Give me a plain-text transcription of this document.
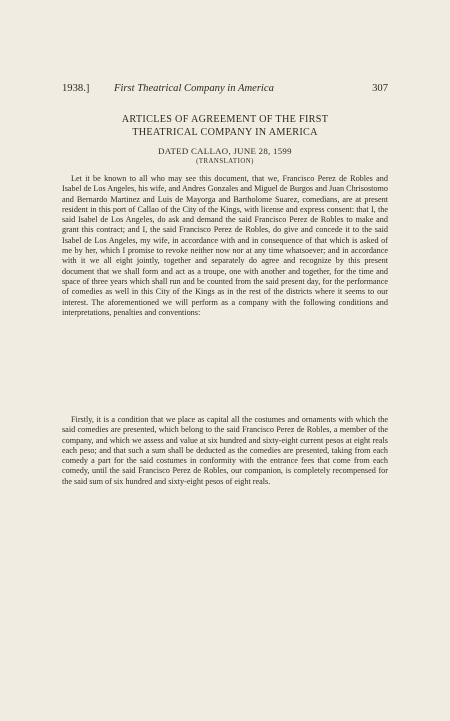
1938.] First Theatrical Company in America	307
ARTICLES OF AGREEMENT OF THE FIRST
THEATRICAL COMPANY IN AMERICA
DATED CALLAO, JUNE 28, 1599
(TRANSLATION)

Let it be known to all who may see this document, that we, Francisco Perez de Robles and Isabel de Los Angeles, his wife, and Andres Gonzales and Miguel de Burgos and Juan Chrisostomo and Bernardo Martinez and Luis de Mayorga and Bartholome Suarez, comedians, are at present resident in this port of Callao of the City of the Kings, with license and express consent: that I, the said Isabel de Los Angeles, do ask and demand the said Francisco Perez de Robles to make and grant this contract; and I, the said Francisco Perez de Robles, do give and concede it to the said Isabel de Los Angeles, my wife, in accordance with and in consequence of that which is asked of me by her, which I promise to revoke neither now nor at any time whatsoever; and in accordance with it we all eight jointly, together and separately do agree and recognize by this present document that we shall form and act as a troupe, one with another and together, for the time and space of three years which shall run and be counted from the said present day, for the performance of comedies as well in this City of the Kings as in the rest of the districts where it seems to our interest. The aforementioned we will perform as a company with the following conditions and interpretations, penalties and conventions:

Firstly, it is a condition that we place as capital all the costumes and ornaments with which the said comedies are presented, which belong to the said Francisco Perez de Robles, a member of the company, and which we assess and value at six hundred and sixty-eight current pesos at eight reals each peso; and that such a sum shall be deducted as the comedies are presented, taking from each comedy a part for the said costumes in conformity with the entrance fees that come from each comedy, until the said Francisco Perez de Robles, our companion, is completely recompensed for the said sum of six hundred and sixty-eight pesos of eight reals.
